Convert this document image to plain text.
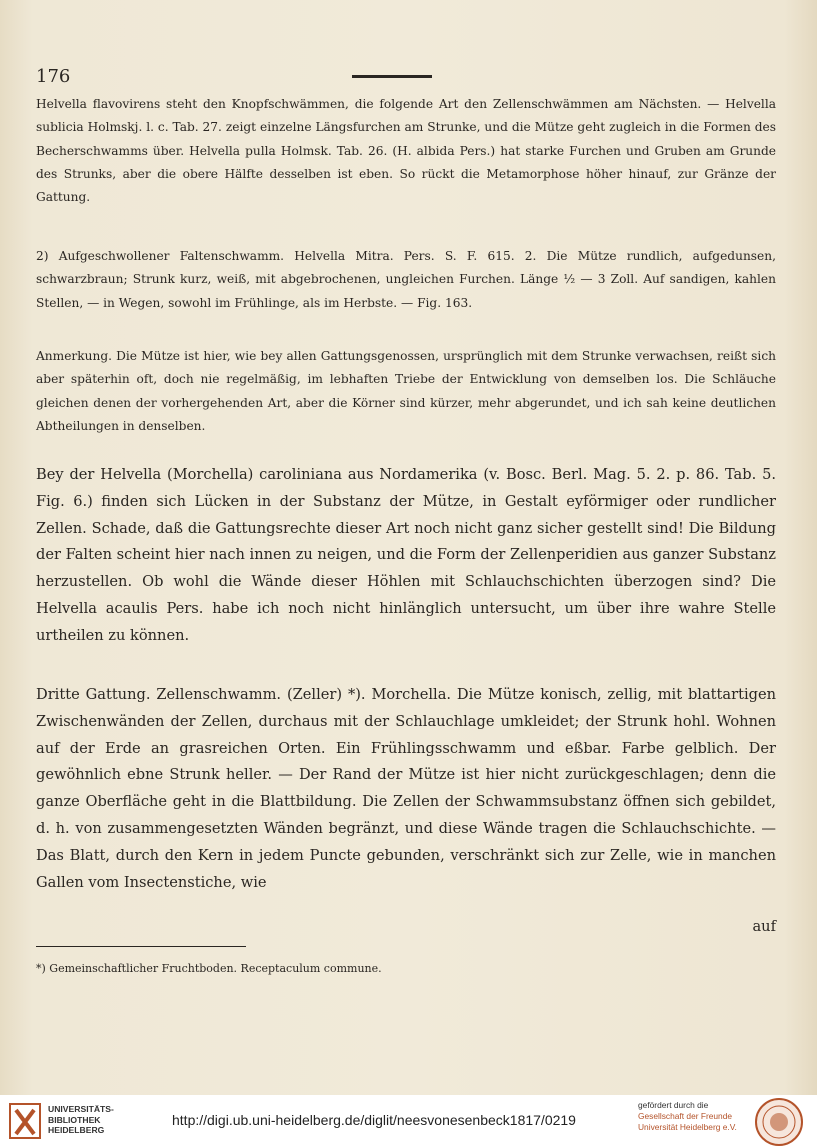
176

Helvella flavovirens steht den Knopfschwämmen, die folgende Art den Zellenschwämmen am Nächsten. — Helvella sublicia Holmskj. l. c. Tab. 27. zeigt einzelne Längsfurchen am Strunke, und die Mütze geht zugleich in die Formen des Becherschwamms über. Helvella pulla Holmsk. Tab. 26. (H. albida Pers.) hat starke Furchen und Gruben am Grunde des Strunks, aber die obere Hälfte desselben ist eben. So rückt die Metamorphose höher hinauf, zur Gränze der Gattung.

2) Aufgeschwollener Faltenschwamm. Helvella Mitra. Pers. S. F. 615. 2. Die Mütze rundlich, aufgedunsen, schwarzbraun; Strunk kurz, weiß, mit abgebrochenen, ungleichen Furchen. Länge ½ — 3 Zoll. Auf sandigen, kahlen Stellen, — in Wegen, sowohl im Frühlinge, als im Herbste. — Fig. 163.

Anmerkung. Die Mütze ist hier, wie bey allen Gattungsgenossen, ursprünglich mit dem Strunke verwachsen, reißt sich aber späterhin oft, doch nie regelmäßig, im lebhaften Triebe der Entwicklung von demselben los. Die Schläuche gleichen denen der vorhergehenden Art, aber die Körner sind kürzer, mehr abgerundet, und ich sah keine deutlichen Abtheilungen in denselben.

Bey der Helvella (Morchella) caroliniana aus Nordamerika (v. Bosc. Berl. Mag. 5. 2. p. 86. Tab. 5. Fig. 6.) finden sich Lücken in der Substanz der Mütze, in Gestalt eyförmiger oder rundlicher Zellen. Schade, daß die Gattungsrechte dieser Art noch nicht ganz sicher gestellt sind! Die Bildung der Falten scheint hier nach innen zu neigen, und die Form der Zellenperidien aus ganzer Substanz herzustellen. Ob wohl die Wände dieser Höhlen mit Schlauchschichten überzogen sind? Die Helvella acaulis Pers. habe ich noch nicht hinlänglich untersucht, um über ihre wahre Stelle urtheilen zu können.

Dritte Gattung. Zellenschwamm. (Zeller) *). Morchella. Die Mütze konisch, zellig, mit blattartigen Zwischenwänden der Zellen, durchaus mit der Schlauchlage umkleidet; der Strunk hohl. Wohnen auf der Erde an grasreichen Orten. Ein Frühlingsschwamm und eßbar. Farbe gelblich. Der gewöhnlich ebne Strunk heller. — Der Rand der Mütze ist hier nicht zurückgeschlagen; denn die ganze Oberfläche geht in die Blattbildung. Die Zellen der Schwammsubstanz öffnen sich gebildet, d. h. von zusammengesetzten Wänden begränzt, und diese Wände tragen die Schlauchschichte. — Das Blatt, durch den Kern in jedem Puncte gebunden, verschränkt sich zur Zelle, wie in manchen Gallen vom Insectenstiche, wie

auf
*) Gemeinschaftlicher Fruchtboden. Receptaculum commune.
UNIVERSITÄTS-
BIBLIOTHEK
HEIDELBERG
http://digi.ub.uni-heidelberg.de/diglit/neesvonesenbeck1817/0219
gefördert durch die
Gesellschaft der Freunde
Universität Heidelberg e.V.
